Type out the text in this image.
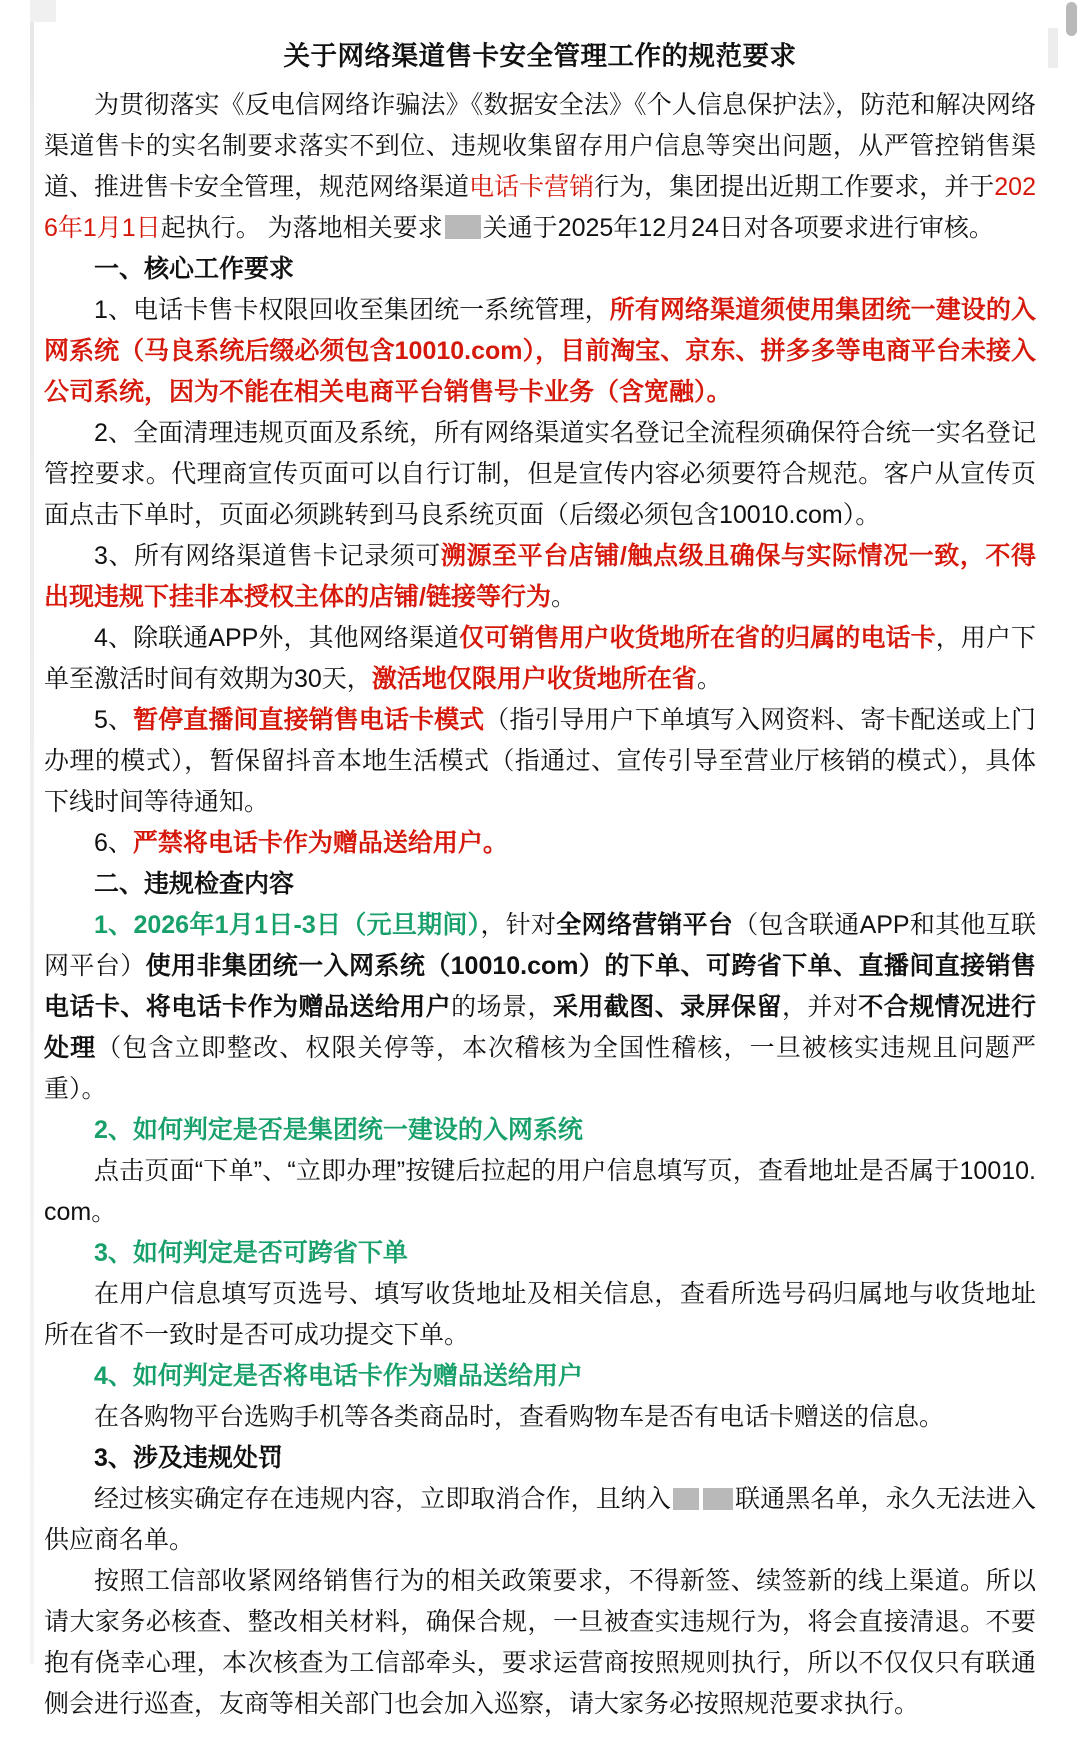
关于网络渠道售卡安全管理工作的规范要求

为贯彻落实《反电信网络诈骗法》《数据安全法》《个人信息保护法》，防范和解决网络渠道售卡的实名制要求落实不到位、违规收集留存用户信息等突出问题，从严管控销售渠道、推进售卡安全管理，规范网络渠道电话卡营销行为，集团提出近期工作要求，并于2026年1月1日起执行。 为落地相关要求 关通于2025年12月24日对各项要求进行审核。

一、核心工作要求

1、电话卡售卡权限回收至集团统一系统管理，所有网络渠道须使用集团统一建设的入网系统（马良系统后缀必须包含10010.com），目前淘宝、京东、拼多多等电商平台未接入公司系统，因为不能在相关电商平台销售号卡业务（含宽融）。

2、全面清理违规页面及系统，所有网络渠道实名登记全流程须确保符合统一实名登记管控要求。代理商宣传页面可以自行订制，但是宣传内容必须要符合规范。客户从宣传页面点击下单时，页面必须跳转到马良系统页面（后缀必须包含10010.com）。

3、所有网络渠道售卡记录须可溯源至平台店铺/触点级且确保与实际情况一致，不得出现违规下挂非本授权主体的店铺/链接等行为。

4、除联通APP外，其他网络渠道仅可销售用户收货地所在省的归属的电话卡，用户下单至激活时间有效期为30天，激活地仅限用户收货地所在省。

5、暂停直播间直接销售电话卡模式（指引导用户下单填写入网资料、寄卡配送或上门办理的模式），暂保留抖音本地生活模式（指通过、宣传引导至营业厅核销的模式），具体下线时间等待通知。

6、严禁将电话卡作为赠品送给用户。

二、违规检查内容

1、2026年1月1日-3日（元旦期间），针对全网络营销平台（包含联通APP和其他互联网平台）使用非集团统一入网系统（10010.com）的下单、可跨省下单、直播间直接销售电话卡、将电话卡作为赠品送给用户的场景，采用截图、录屏保留，并对不合规情况进行处理（包含立即整改、权限关停等，本次稽核为全国性稽核，一旦被核实违规且问题严重）。

2、如何判定是否是集团统一建设的入网系统

点击页面“下单”、“立即办理”按键后拉起的用户信息填写页，查看地址是否属于10010.com。

3、如何判定是否可跨省下单

在用户信息填写页选号、填写收货地址及相关信息，查看所选号码归属地与收货地址所在省不一致时是否可成功提交下单。

4、如何判定是否将电话卡作为赠品送给用户

在各购物平台选购手机等各类商品时，查看购物车是否有电话卡赠送的信息。

3、涉及违规处罚

经过核实确定存在违规内容，立即取消合作，且纳入	联通黑名单，永久无法进入供应商名单。

按照工信部收紧网络销售行为的相关政策要求，不得新签、续签新的线上渠道。所以请大家务必核查、整改相关材料，确保合规，一旦被查实违规行为，将会直接清退。不要抱有侥幸心理，本次核查为工信部牵头，要求运营商按照规则执行，所以不仅仅只有联通侧会进行巡查，友商等相关部门也会加入巡察，请大家务必按照规范要求执行。
